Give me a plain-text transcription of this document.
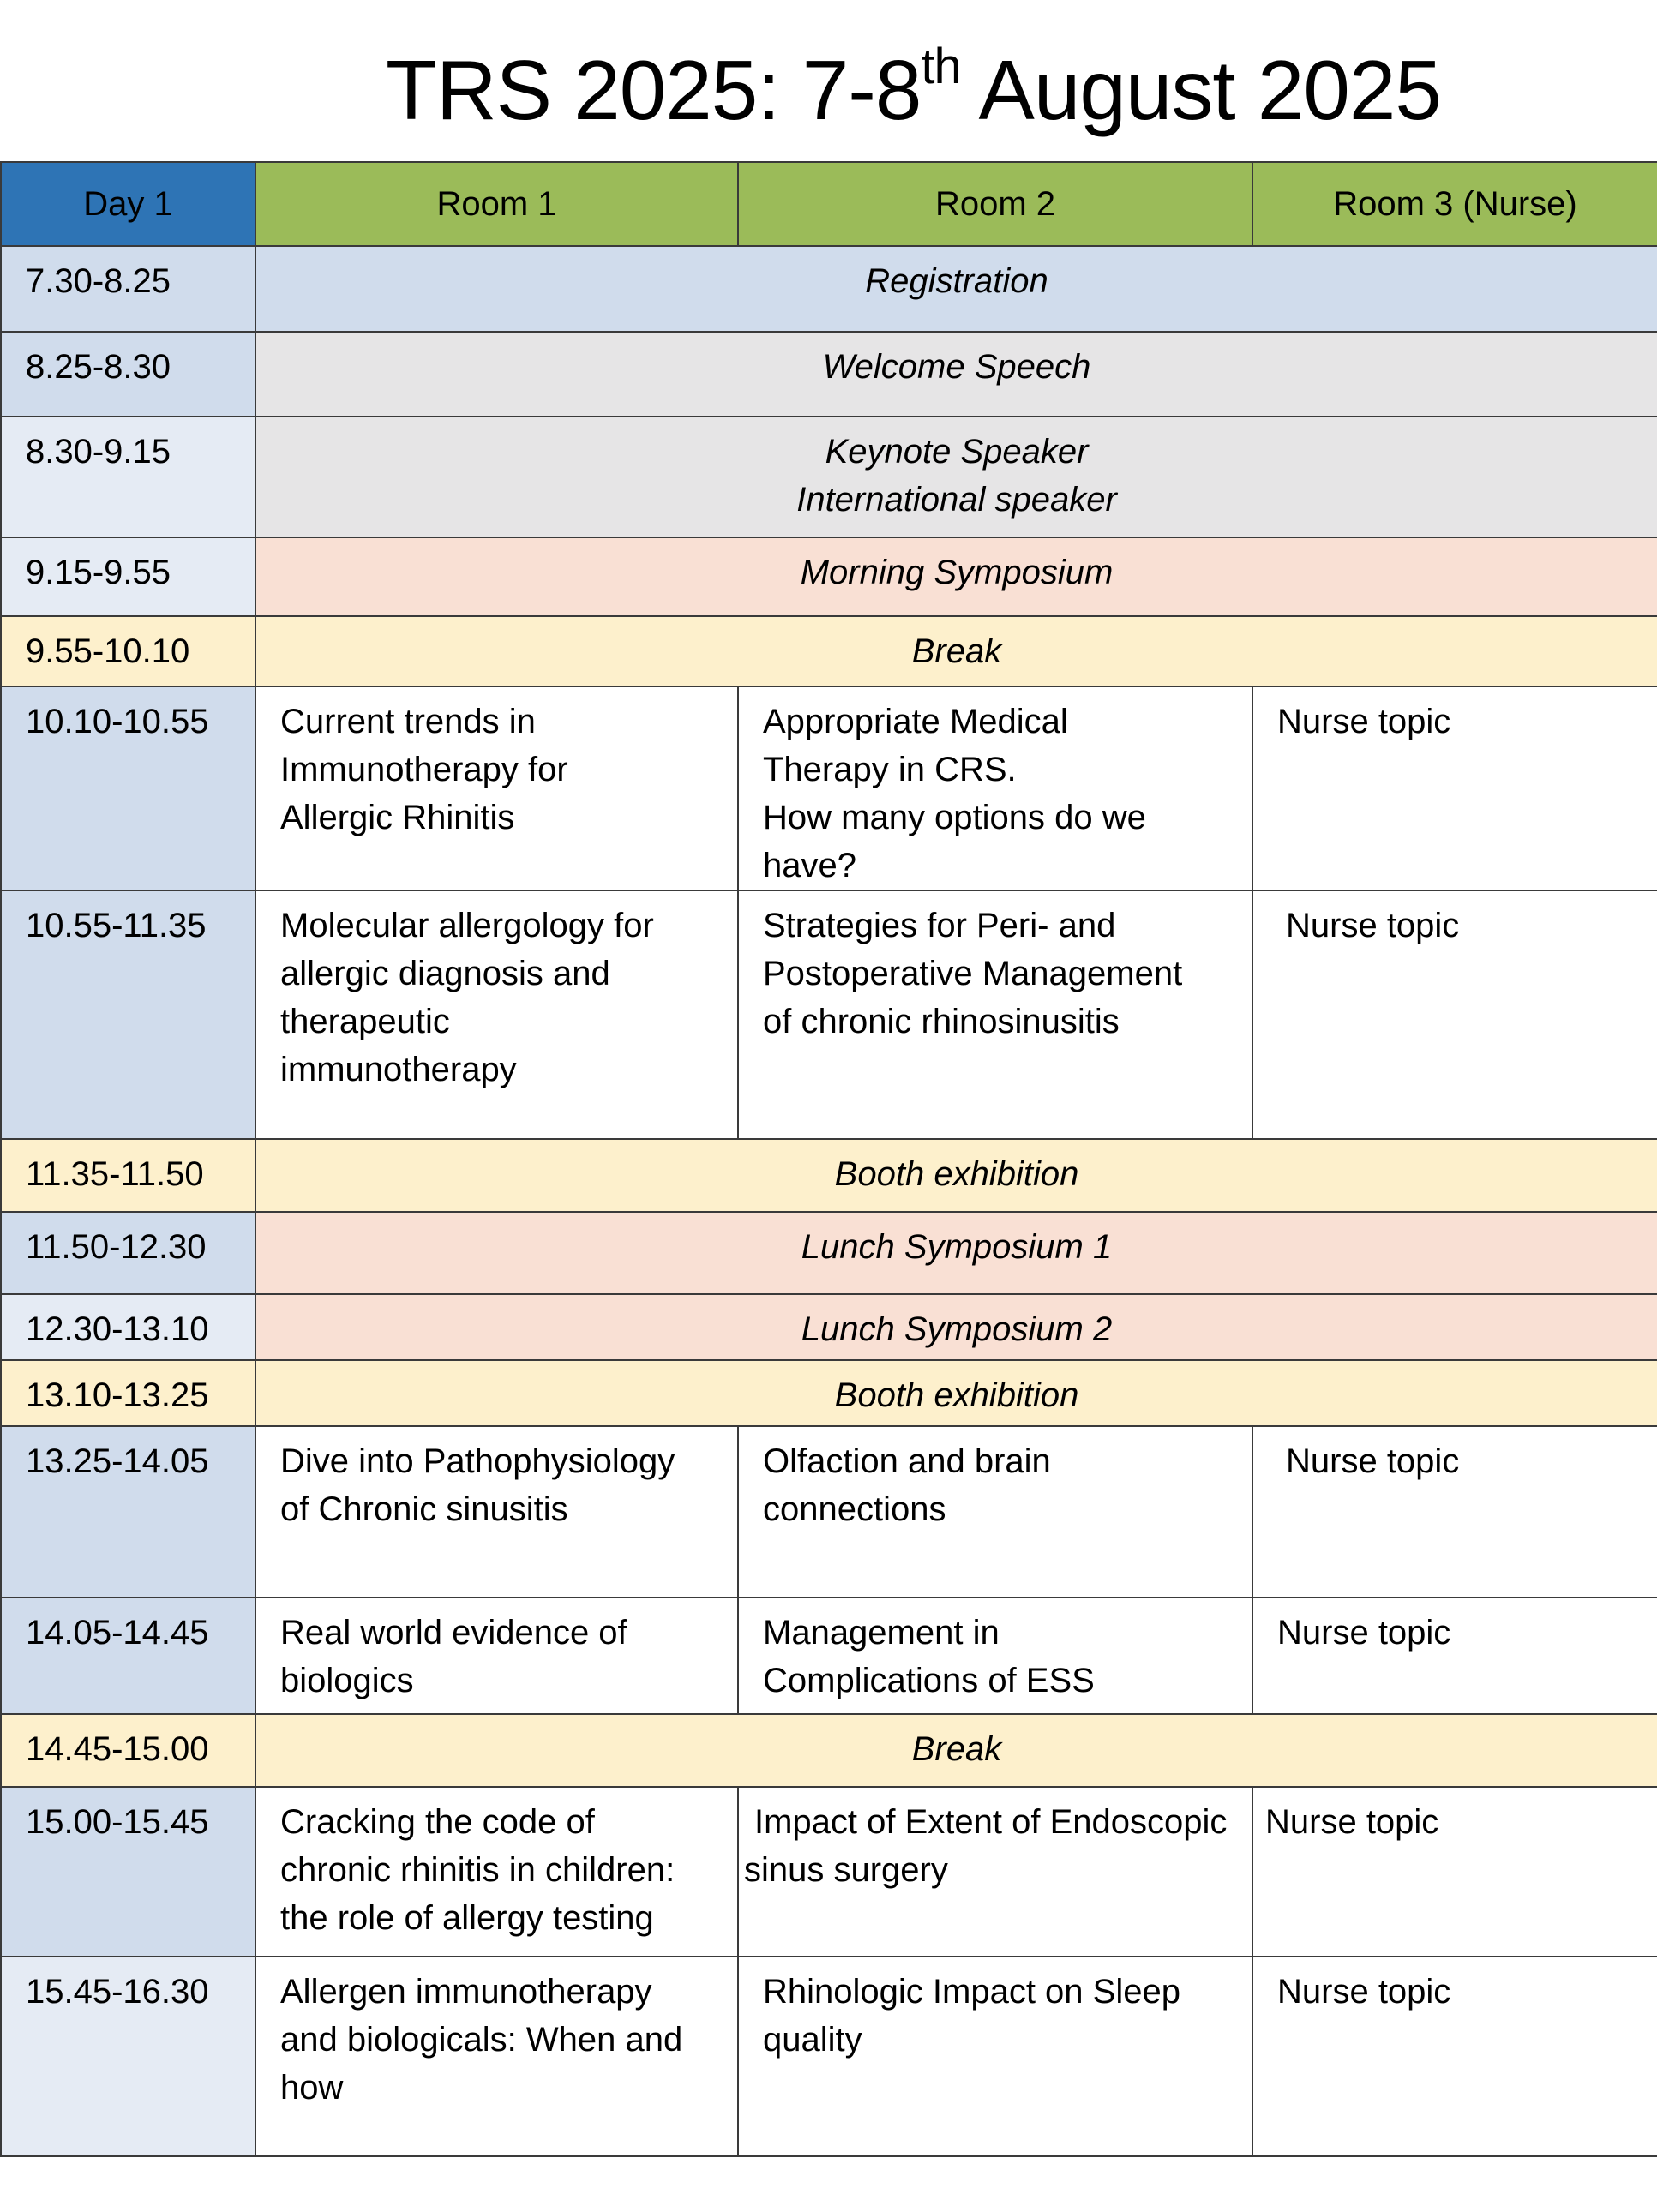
TRS 2025: 7-8th August 2025
Day 1	Room 1	Room 2	Room 3 (Nurse)
7.30-8.25	Registration		

8.25-8.30	Welcome Speech		

8.30-9.15	Keynote Speaker
International speaker		

9.15-9.55	Morning Symposium		

9.55-10.10	Break		

10.10-10.55	Current trends in
Immunotherapy for
Allergic Rhinitis	Appropriate Medical
Therapy in CRS.
How many options do we
have?	Nurse topic

10.55-11.35	Molecular allergology for
allergic diagnosis and
therapeutic
immunotherapy	Strategies for Peri- and
Postoperative Management
of chronic rhinosinusitis	Nurse topic

11.35-11.50	Booth exhibition		

11.50-12.30	Lunch Symposium 1		

12.30-13.10	Lunch Symposium 2		

13.10-13.25	Booth exhibition		

13.25-14.05	Dive into Pathophysiology
of Chronic sinusitis	Olfaction and brain
connections	Nurse topic

14.05-14.45	Real world evidence of
biologics	Management in
Complications of ESS	Nurse topic

14.45-15.00	Break		

15.00-15.45	Cracking the code of
chronic rhinitis in children:
the role of allergy testing	Impact of Extent of Endoscopic
sinus surgery	Nurse topic

15.45-16.30	Allergen immunotherapy
and biologicals: When and
how	Rhinologic Impact on Sleep
quality	Nurse topic
